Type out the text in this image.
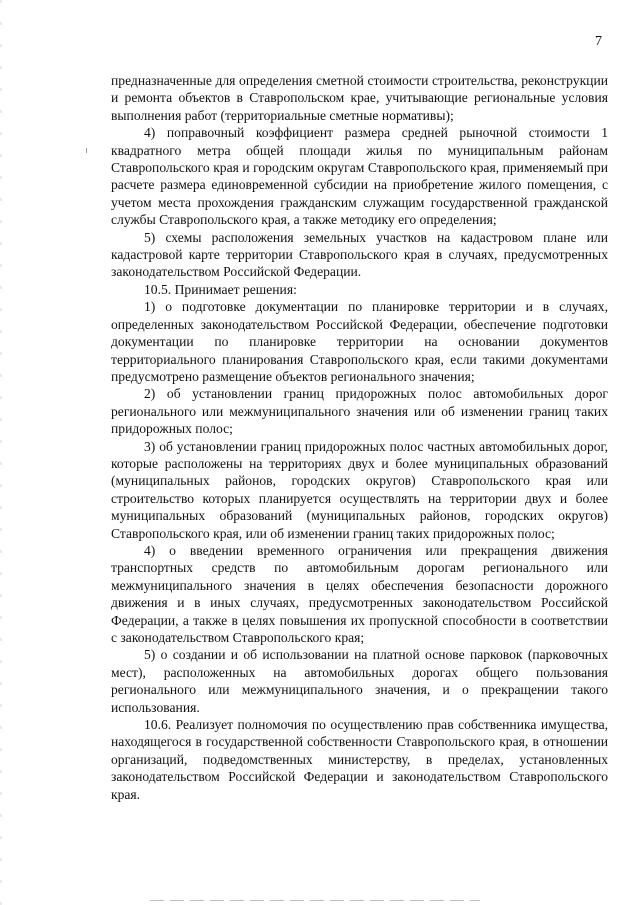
7

предназначенные для определения сметной стоимости строительства, реконструкции и ремонта объектов в Ставропольском крае, учитывающие региональные условия выполнения работ (территориальные сметные нормативы);

4) поправочный коэффициент размера средней рыночной стоимости 1 квадратного метра общей площади жилья по муниципальным районам Ставропольского края и городским округам Ставропольского края, применяемый при расчете размера единовременной субсидии на приобретение жилого помещения, с учетом места прохождения гражданским служащим государственной гражданской службы Ставропольского края, а также методику его определения;

5) схемы расположения земельных участков на кадастровом плане или кадастровой карте территории Ставропольского края в случаях, предусмотренных законодательством Российской Федерации.

10.5. Принимает решения:

1) о подготовке документации по планировке территории и в случаях, определенных законодательством Российской Федерации, обеспечение подготовки документации по планировке территории на основании документов территориального планирования Ставропольского края, если такими документами предусмотрено размещение объектов регионального значения;

2) об установлении границ придорожных полос автомобильных дорог регионального или межмуниципального значения или об изменении границ таких придорожных полос;

3) об установлении границ придорожных полос частных автомобильных дорог, которые расположены на территориях двух и более муниципальных образований (муниципальных районов, городских округов) Ставропольского края или строительство которых планируется осуществлять на территории двух и более муниципальных образований (муниципальных районов, городских округов) Ставропольского края, или об изменении границ таких придорожных полос;

4) о введении временного ограничения или прекращения движения транспортных средств по автомобильным дорогам регионального или межмуниципального значения в целях обеспечения безопасности дорожного движения и в иных случаях, предусмотренных законодательством Российской Федерации, а также в целях повышения их пропускной способности в соответствии с законодательством Ставропольского края;

5) о создании и об использовании на платной основе парковок (парковочных мест), расположенных на автомобильных дорогах общего пользования регионального или межмуниципального значения, и о прекращении такого использования.

10.6. Реализует полномочия по осуществлению прав собственника имущества, находящегося в государственной собственности Ставропольского края, в отношении организаций, подведомственных министерству, в пределах, установленных законодательством Российской Федерации и законодательством Ставропольского края.
